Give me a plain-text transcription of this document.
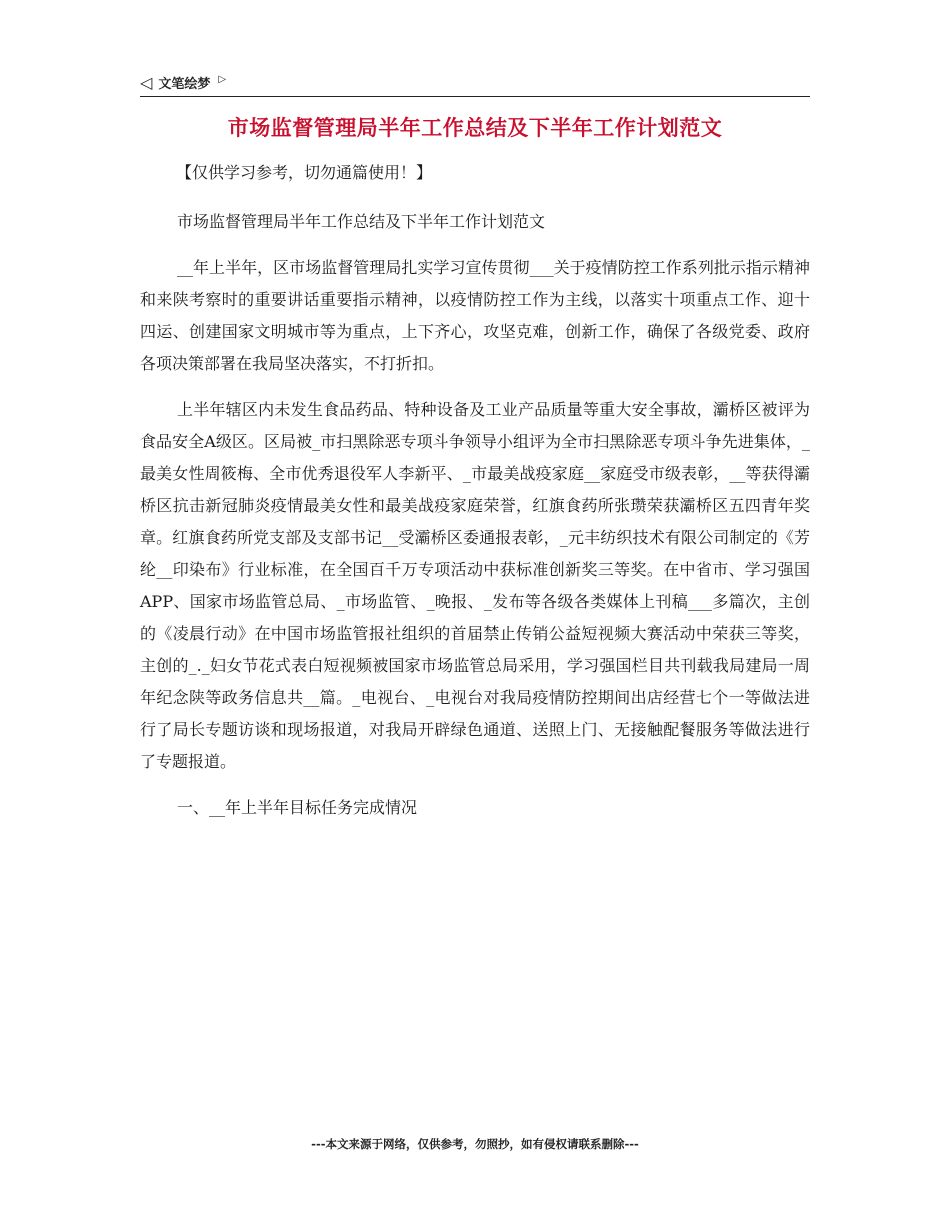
◁ 文笔绘梦 ▷
市场监督管理局半年工作总结及下半年工作计划范文
【仅供学习参考，切勿通篇使用！】

市场监督管理局半年工作总结及下半年工作计划范文

__年上半年，区市场监督管理局扎实学习宣传贯彻___关于疫情防控工作系列批示指示精神和来陕考察时的重要讲话重要指示精神，以疫情防控工作为主线，以落实十项重点工作、迎十四运、创建国家文明城市等为重点，上下齐心，攻坚克难，创新工作，确保了各级党委、政府各项决策部署在我局坚决落实，不打折扣。

上半年辖区内未发生食品药品、特种设备及工业产品质量等重大安全事故，灞桥区被评为食品安全A级区。区局被_市扫黑除恶专项斗争领导小组评为全市扫黑除恶专项斗争先进集体，_最美女性周筱梅、全市优秀退役军人李新平、_市最美战疫家庭__家庭受市级表彰，__等获得灞桥区抗击新冠肺炎疫情最美女性和最美战疫家庭荣誉，红旗食药所张瓒荣获灞桥区五四青年奖章。红旗食药所党支部及支部书记__受灞桥区委通报表彰，_元丰纺织技术有限公司制定的《芳纶__印染布》行业标准，在全国百千万专项活动中获标准创新奖三等奖。在中省市、学习强国APP、国家市场监管总局、_市场监管、_晚报、_发布等各级各类媒体上刊稿___多篇次，主创的《凌晨行动》在中国市场监管报社组织的首届禁止传销公益短视频大赛活动中荣获三等奖，主创的_._妇女节花式表白短视频被国家市场监管总局采用，学习强国栏目共刊载我局建局一周年纪念陕等政务信息共__篇。_电视台、_电视台对我局疫情防控期间出店经营七个一等做法进行了局长专题访谈和现场报道，对我局开辟绿色通道、送照上门、无接触配餐服务等做法进行了专题报道。

一、__年上半年目标任务完成情况

---本文来源于网络，仅供参考，勿照抄，如有侵权请联系删除---
